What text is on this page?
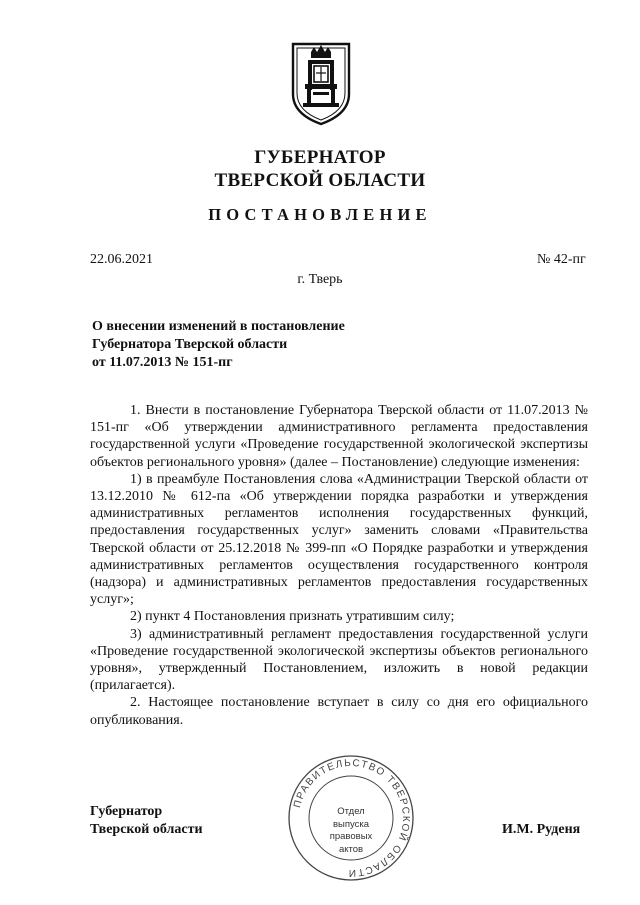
ГУБЕРНАТОР
ТВЕРСКОЙ ОБЛАСТИ
ПОСТАНОВЛЕНИЕ
22.06.2021	№ 42-пг
г. Тверь
О внесении изменений в постановление
Губернатора Тверской области
от 11.07.2013 № 151-пг

1. Внести в постановление Губернатора Тверской области от 11.07.2013 № 151-пг «Об утверждении административного регламента предоставления государственной услуги «Проведение государственной экологической экспертизы объектов регионального уровня» (далее – Постановление) следующие изменения:

1) в преамбуле Постановления слова «Администрации Тверской области от 13.12.2010 № 612-па «Об утверждении порядка разработки и утверждения административных регламентов исполнения государственных функций, предоставления государственных услуг» заменить словами «Правительства Тверской области от 25.12.2018 № 399-пп «О Порядке разработки и утверждения административных регламентов осуществления государственного контроля (надзора) и административных регламентов предоставления государственных услуг»;

2) пункт 4 Постановления признать утратившим силу;

3) административный регламент предоставления государственной услуги «Проведение государственной экологической экспертизы объектов регионального уровня», утвержденный Постановлением, изложить в новой редакции (прилагается).

2. Настоящее постановление вступает в силу со дня его официального опубликования.

ПРАВИТЕЛЬСТВО ТВЕРСКОЙ ОБЛАСТИ
Отдел
выпуска
правовых
актов
Губернатор
Тверской области	И.М. Руденя
